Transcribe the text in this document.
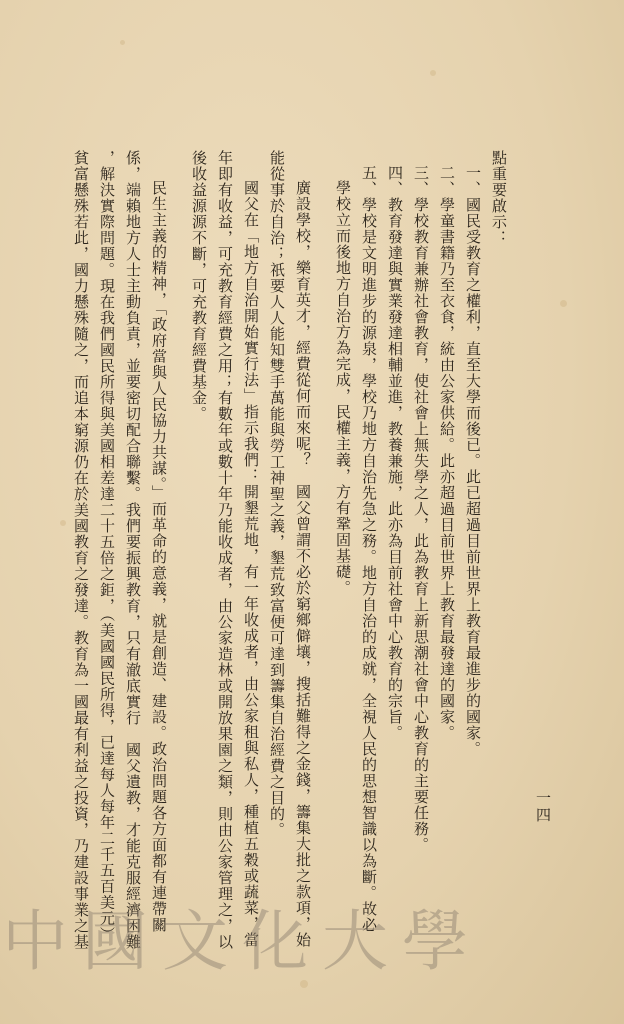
點重要啟示：
一、國民受教育之權利，直至大學而後已。此已超過目前世界上教育最進步的國家。
二、學童書籍乃至衣食，統由公家供給。此亦超過目前世界上教育最發達的國家。
三、學校教育兼辦社會教育，使社會上無失學之人，此為教育上新思潮社會中心教育的主要任務。
四、教育發達與實業發達相輔並進，教養兼施，此亦為目前社會中心教育的宗旨。
五、學校是文明進步的源泉，學校乃地方自治先急之務。地方自治的成就，全視人民的思想智識以為斷。故必
學校立而後地方自治方為完成，民權主義，方有鞏固基礎。
廣設學校，樂育英才，經費從何而來呢？　國父曾謂不必於窮鄉僻壤，搜括難得之金錢，籌集大批之款項，始
能從事於自治；祇要人人能知雙手萬能與勞工神聖之義，墾荒致富便可達到籌集自治經費之目的。
國父在「地方自治開始實行法」指示我們：開墾荒地，有一年收成者，由公家租與私人，種植五穀或蔬菜，當
年即有收益，可充教育經費之用；有數年或數十年乃能收成者，由公家造林或開放果園之類，則由公家管理之，以
後收益源源不斷，可充教育經費基金。
民生主義的精神，「政府當與人民協力共謀。」而革命的意義，就是創造、建設。政治問題各方面都有連帶關
係，端賴地方人士主動負責，並要密切配合聯繫。我們要振興教育，只有澈底實行　國父遺教，才能克服經濟困難
，解決實際問題。現在我們國民所得與美國相差達二十五倍之鉅，（美國國民所得，已達每人每年二千五百美元）
貧富懸殊若此，國力懸殊隨之，而追本窮源仍在於美國教育之發達。教育為一國最有利益之投資，乃建設事業之基	一四
中國文化大學
